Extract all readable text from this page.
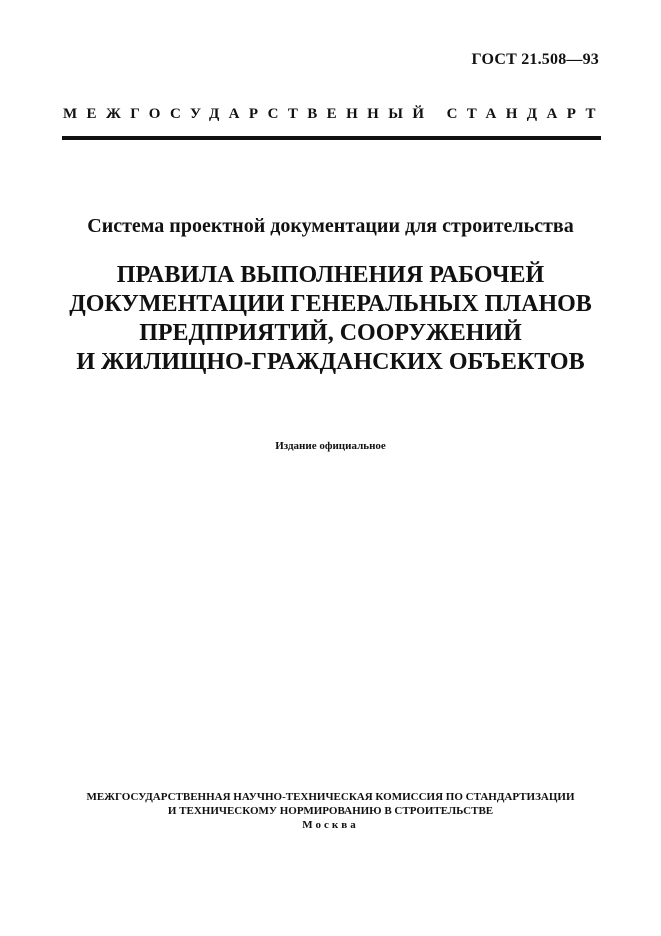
ГОСТ 21.508—93
МЕЖГОСУДАРСТВЕННЫЙ СТАНДАРТ
Система проектной документации для строительства
ПРАВИЛА ВЫПОЛНЕНИЯ РАБОЧЕЙ
ДОКУМЕНТАЦИИ ГЕНЕРАЛЬНЫХ ПЛАНОВ
ПРЕДПРИЯТИЙ, СООРУЖЕНИЙ
И ЖИЛИЩНО-ГРАЖДАНСКИХ ОБЪЕКТОВ
Издание официальное
МЕЖГОСУДАРСТВЕННАЯ НАУЧНО-ТЕХНИЧЕСКАЯ КОМИССИЯ ПО СТАНДАРТИЗАЦИИ
И ТЕХНИЧЕСКОМУ НОРМИРОВАНИЮ В СТРОИТЕЛЬСТВЕ
Москва
